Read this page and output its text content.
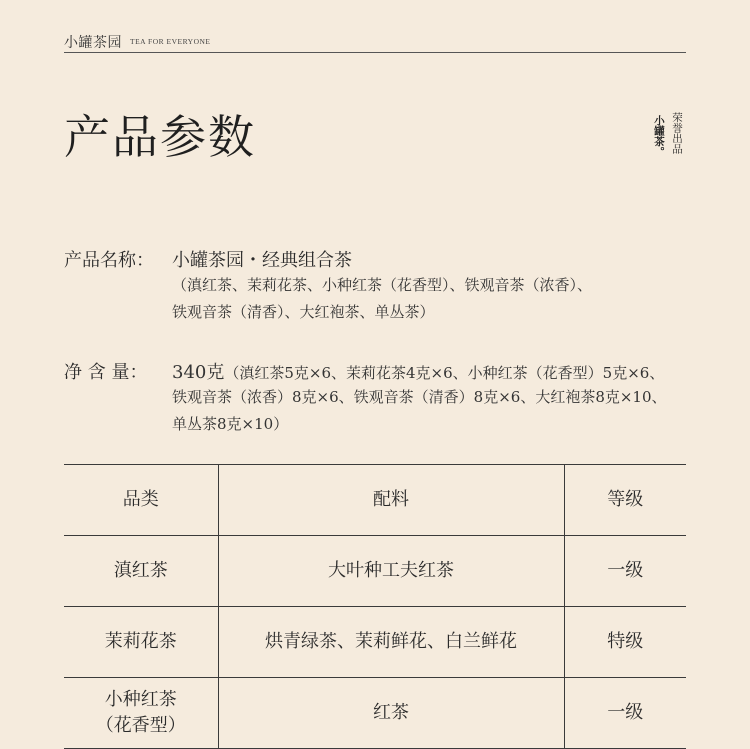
小罐茶园 TEA FOR EVERYONE
产品参数	小罐茶。 荣誉出品
产品名称：	小罐茶园・经典组合茶
（滇红茶、茉莉花茶、小种红茶（花香型）、铁观音茶（浓香）、
铁观音茶（清香）、大红袍茶、单丛茶）
净 含 量：	340克（滇红茶5克×6、茉莉花茶4克×6、小种红茶（花香型）5克×6、
铁观音茶（浓香）8克×6、铁观音茶（清香）8克×6、大红袍茶8克×10、
单丛茶8克×10）
品类	配料	等级
滇红茶	大叶种工夫红茶	一级
茉莉花茶	烘青绿茶、茉莉鲜花、白兰鲜花	特级
小种红茶
（花香型）	红茶	一级
